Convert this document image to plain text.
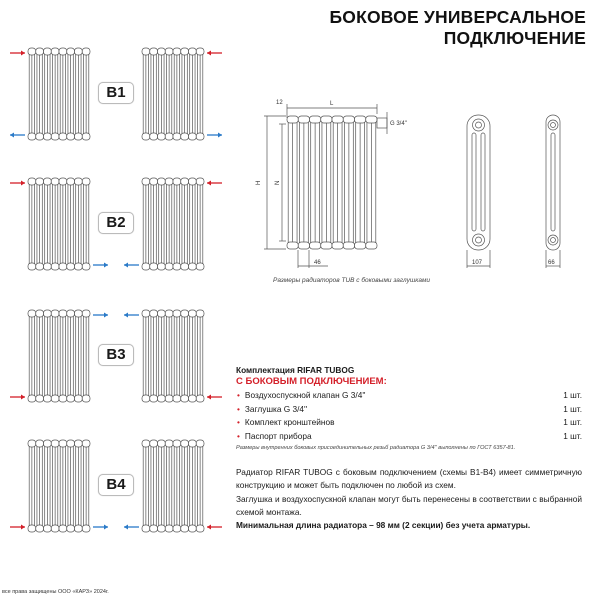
БОКОВОЕ УНИВЕРСАЛЬНОЕ
ПОДКЛЮЧЕНИЕ
B1
B2
B3
B4
12	L
H N
G 3/4''
46	107	66
Размеры радиаторов TUB с боковыми заглушками
Комплектация RIFAR TUBOG
С БОКОВЫМ ПОДКЛЮЧЕНИЕМ:
• Воздухоспускной клапан G 3/4''	1 шт.
• Заглушка G 3/4''	1 шт.
• Комплект кронштейнов	1 шт.
• Паспорт прибора	1 шт.
Размеры внутренних боковых присоединительных резьб радиатора G 3/4'' выполнены по ГОСТ 6357-81.

Радиатор RIFAR TUBOG с боковым подключением (схемы B1-B4) имеет симметричную конструкцию и может быть подключен по любой из схем.

Заглушка и воздухоспускной клапан могут быть перенесены в соответствии с выбранной схемой монтажа.

Минимальная длина радиатора – 98 мм (2 секции) без учета арматуры.

все права защищены ООО «КАРЗ» 2024г.
